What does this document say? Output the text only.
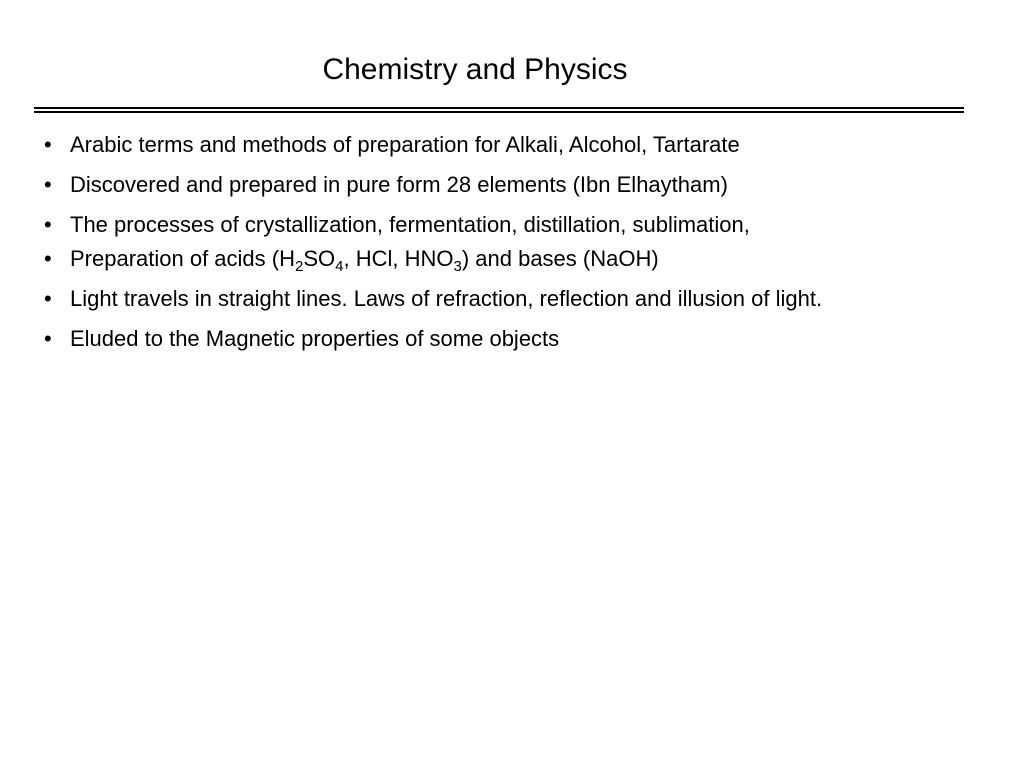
Chemistry and Physics
• Arabic terms and methods of preparation for Alkali, Alcohol, Tartarate
• Discovered and prepared in pure form 28 elements (Ibn Elhaytham)
• The processes of crystallization, fermentation, distillation, sublimation,
• Preparation of acids ($H_2SO_4$, HCl, $HNO_3$) and bases (NaOH)
• Light travels in straight lines. Laws of refraction, reflection and illusion of light.
• Eluded to the Magnetic properties of some objects
